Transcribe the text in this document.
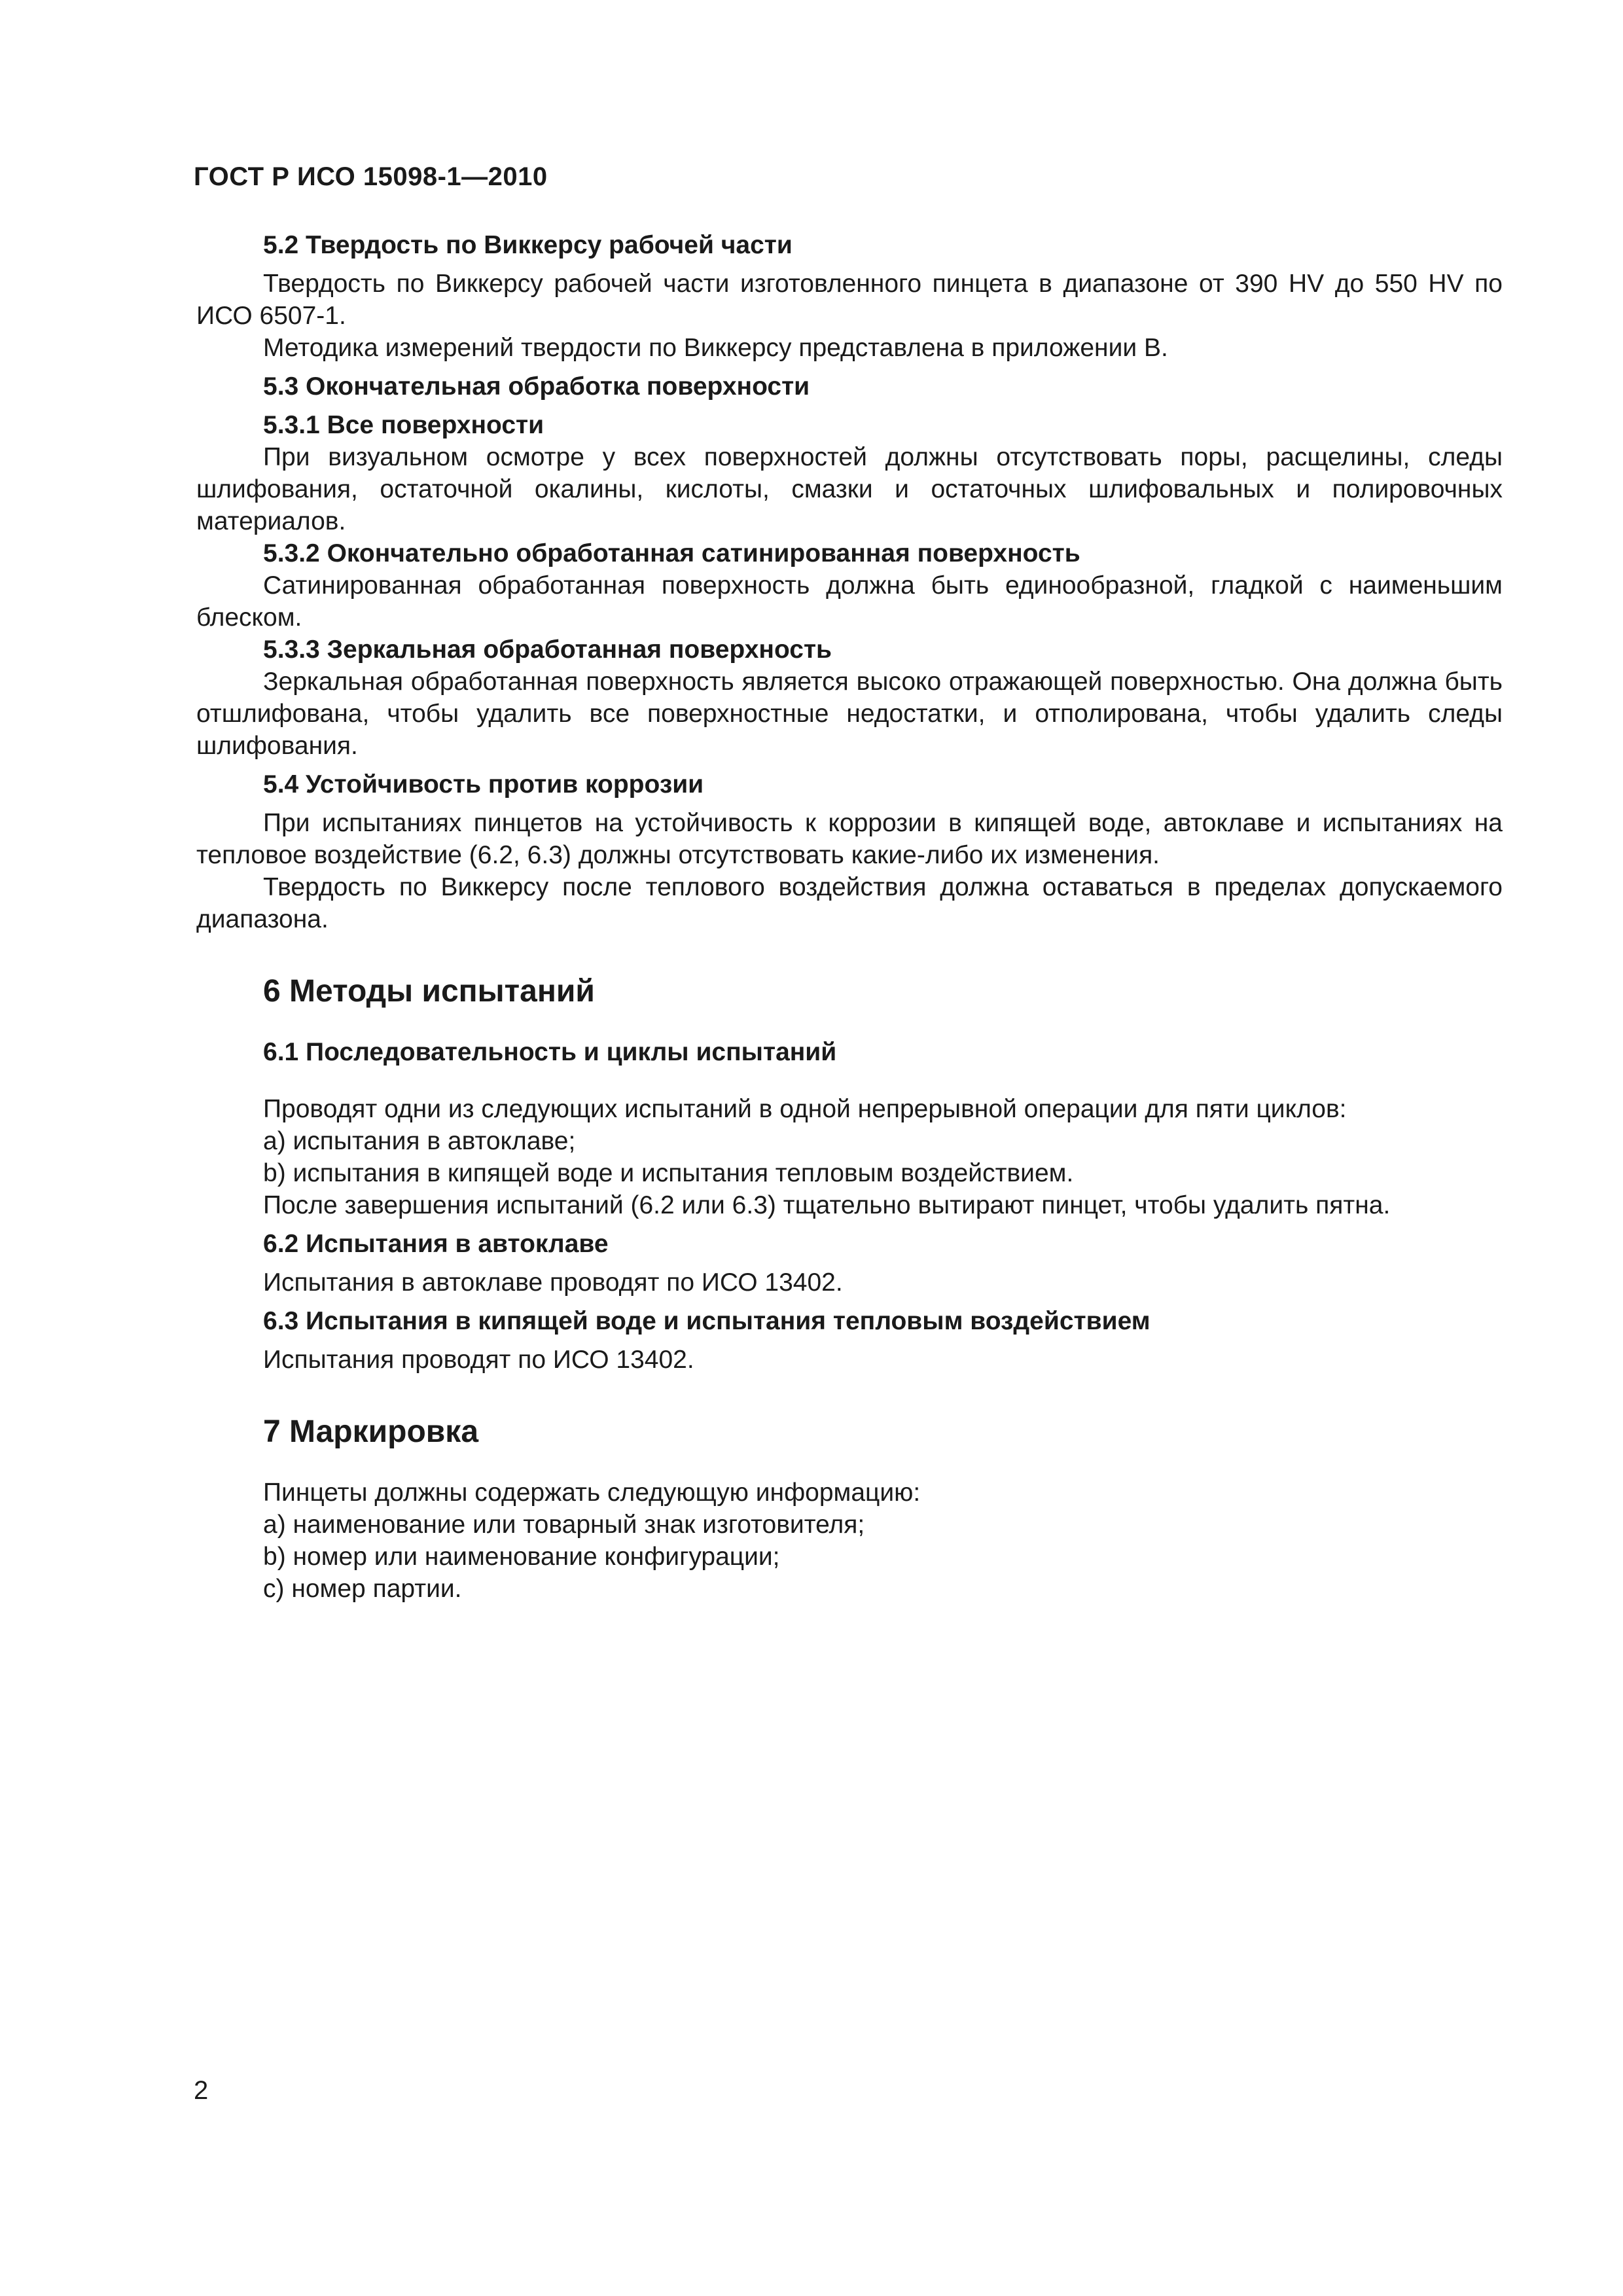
ГОСТ Р ИСО 15098-1—2010

5.2 Твердость по Виккерсу рабочей части

Твердость по Виккерсу рабочей части изготовленного пинцета в диапазоне от 390 HV до 550 HV по ИСО 6507-1.

Методика измерений твердости по Виккерсу представлена в приложении B.

5.3 Окончательная обработка поверхности

5.3.1 Все поверхности

При визуальном осмотре у всех поверхностей должны отсутствовать поры, расщелины, следы шлифования, остаточной окалины, кислоты, смазки и остаточных шлифовальных и полировочных материалов.

5.3.2 Окончательно обработанная сатинированная поверхность

Сатинированная обработанная поверхность должна быть единообразной, гладкой с наименьшим блеском.

5.3.3 Зеркальная обработанная поверхность

Зеркальная обработанная поверхность является высоко отражающей поверхностью. Она должна быть отшлифована, чтобы удалить все поверхностные недостатки, и отполирована, чтобы удалить следы шлифования.

5.4 Устойчивость против коррозии

При испытаниях пинцетов на устойчивость к коррозии в кипящей воде, автоклаве и испытаниях на тепловое воздействие (6.2, 6.3) должны отсутствовать какие-либо их изменения.

Твердость по Виккерсу после теплового воздействия должна оставаться в пределах допускаемого диапазона.

6 Методы испытаний

6.1 Последовательность и циклы испытаний

Проводят одни из следующих испытаний в одной непрерывной операции для пяти циклов:

a) испытания в автоклаве;

b) испытания в кипящей воде и испытания тепловым воздействием.

После завершения испытаний (6.2 или 6.3) тщательно вытирают пинцет, чтобы удалить пятна.

6.2 Испытания в автоклаве

Испытания в автоклаве проводят по ИСО 13402.

6.3 Испытания в кипящей воде и испытания тепловым воздействием

Испытания проводят по ИСО 13402.

7 Маркировка

Пинцеты должны содержать следующую информацию:

a) наименование или товарный знак изготовителя;

b) номер или наименование конфигурации;

c) номер партии.

2
